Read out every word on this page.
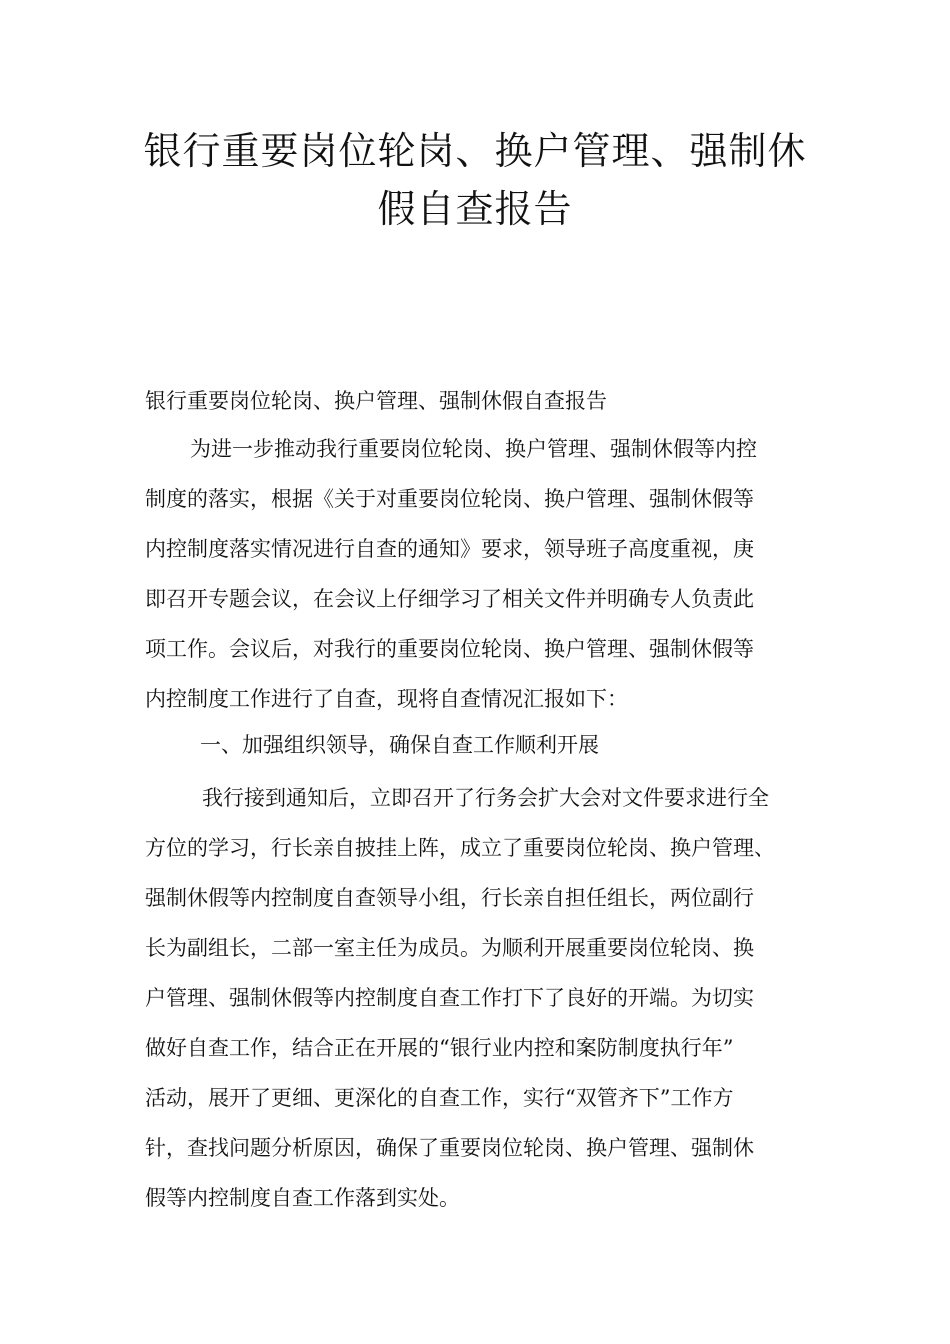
银行重要岗位轮岗、换户管理、强制休
假自查报告
银行重要岗位轮岗、换户管理、强制休假自查报告
为进一步推动我行重要岗位轮岗、换户管理、强制休假等内控
制度的落实，根据《关于对重要岗位轮岗、换户管理、强制休假等
内控制度落实情况进行自查的通知》要求，领导班子高度重视，庚
即召开专题会议，在会议上仔细学习了相关文件并明确专人负责此
项工作。会议后，对我行的重要岗位轮岗、换户管理、强制休假等
内控制度工作进行了自查，现将自查情况汇报如下：
一、加强组织领导，确保自查工作顺利开展
我行接到通知后，立即召开了行务会扩大会对文件要求进行全
方位的学习，行长亲自披挂上阵，成立了重要岗位轮岗、换户管理、
强制休假等内控制度自查领导小组，行长亲自担任组长，两位副行
长为副组长，二部一室主任为成员。为顺利开展重要岗位轮岗、换
户管理、强制休假等内控制度自查工作打下了良好的开端。为切实
做好自查工作，结合正在开展的“银行业内控和案防制度执行年”
活动，展开了更细、更深化的自查工作，实行“双管齐下”工作方
针，查找问题分析原因，确保了重要岗位轮岗、换户管理、强制休
假等内控制度自查工作落到实处。
